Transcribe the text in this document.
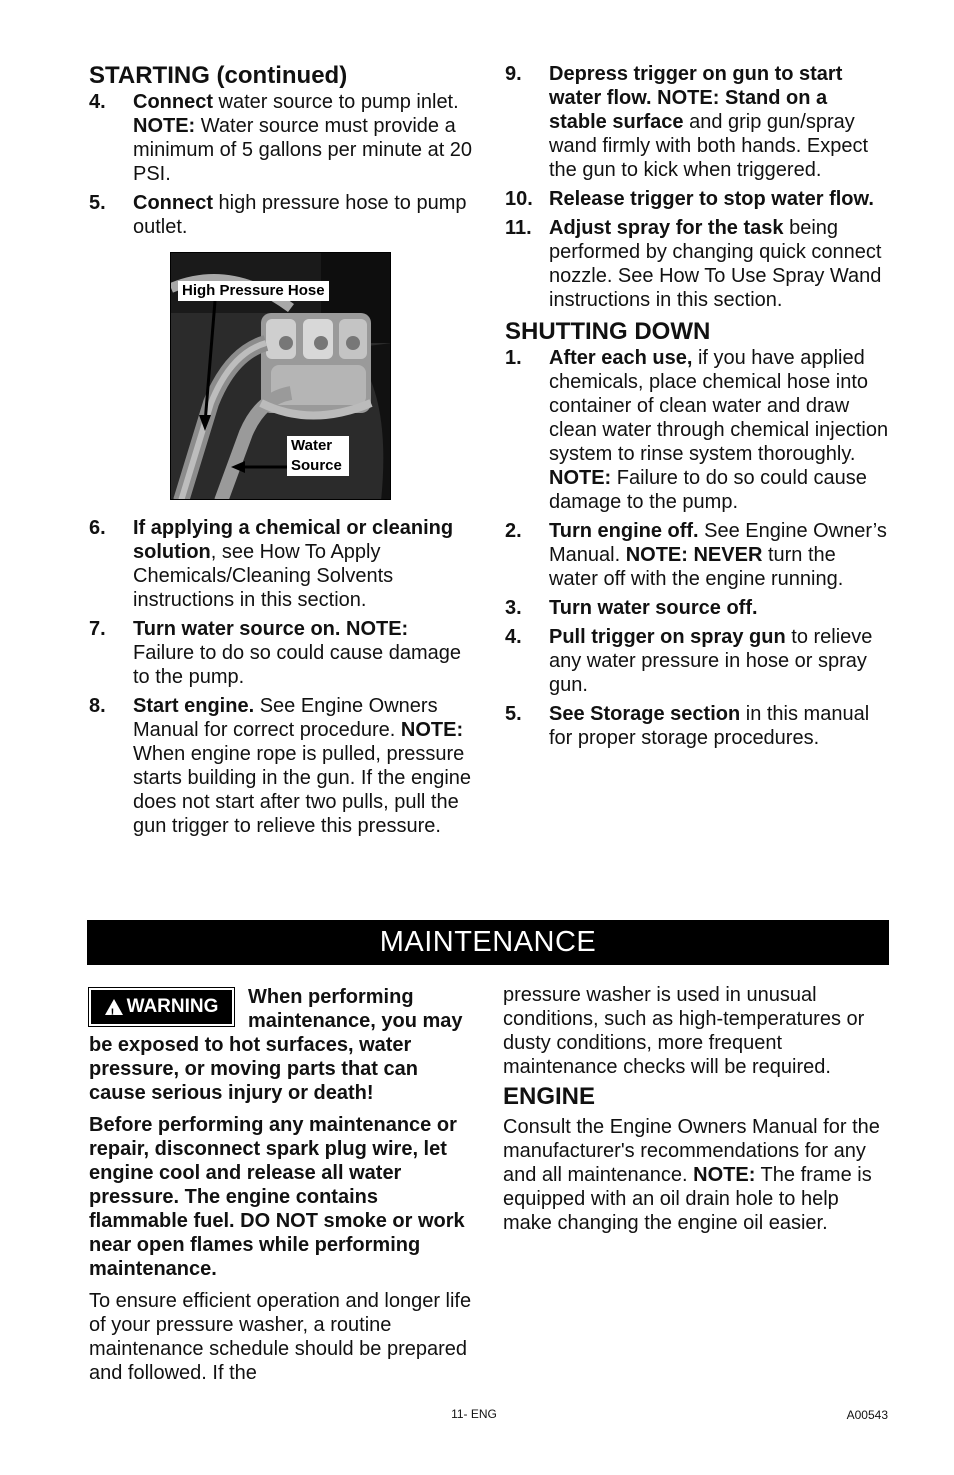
STARTING (continued)
4. Connect water source to pump inlet. NOTE: Water source must provide a minimum of 5 gallons per minute at 20 PSI.
5. Connect high pressure hose to pump outlet.
High Pressure Hose
Water Source
6. If applying a chemical or cleaning solution, see How To Apply Chemicals/Cleaning Solvents instructions in this section.
7. Turn water source on. NOTE: Failure to do so could cause damage to the pump.
8. Start engine. See Engine Owners Manual for correct procedure. NOTE: When engine rope is pulled, pressure starts building in the gun. If the engine does not start after two pulls, pull the gun trigger to relieve this pressure.
9. Depress trigger on gun to start water flow. NOTE: Stand on a stable surface and grip gun/spray wand firmly with both hands. Expect the gun to kick when triggered.
10. Release trigger to stop water flow.
11. Adjust spray for the task being performed by changing quick connect nozzle. See How To Use Spray Wand instructions in this section.
SHUTTING DOWN
1. After each use, if you have applied chemicals, place chemical hose into container of clean water and draw clean water through chemical injection system to rinse system thoroughly. NOTE: Failure to do so could cause damage to the pump.
2. Turn engine off. See Engine Owner’s Manual. NOTE: NEVER turn the water off with the engine running.
3. Turn water source off.
4. Pull trigger on spray gun to relieve any water pressure in hose or spray gun.
5. See Storage section in this manual for proper storage procedures.
MAINTENANCE
!
WARNING When performing maintenance, you may be exposed to hot surfaces, water pressure, or moving parts that can cause serious injury or death!
Before performing any maintenance or repair, disconnect spark plug wire, let engine cool and release all water pressure. The engine contains flammable fuel. DO NOT smoke or work near open flames while performing maintenance.
To ensure efficient operation and longer life of your pressure washer, a routine maintenance schedule should be prepared and followed. If the
pressure washer is used in unusual conditions, such as high-temperatures or dusty conditions, more frequent maintenance checks will be required.
ENGINE
Consult the Engine Owners Manual for the manufacturer's recommendations for any and all maintenance. NOTE: The frame is equipped with an oil drain hole to help make changing the engine oil easier.
11- ENG	A00543
